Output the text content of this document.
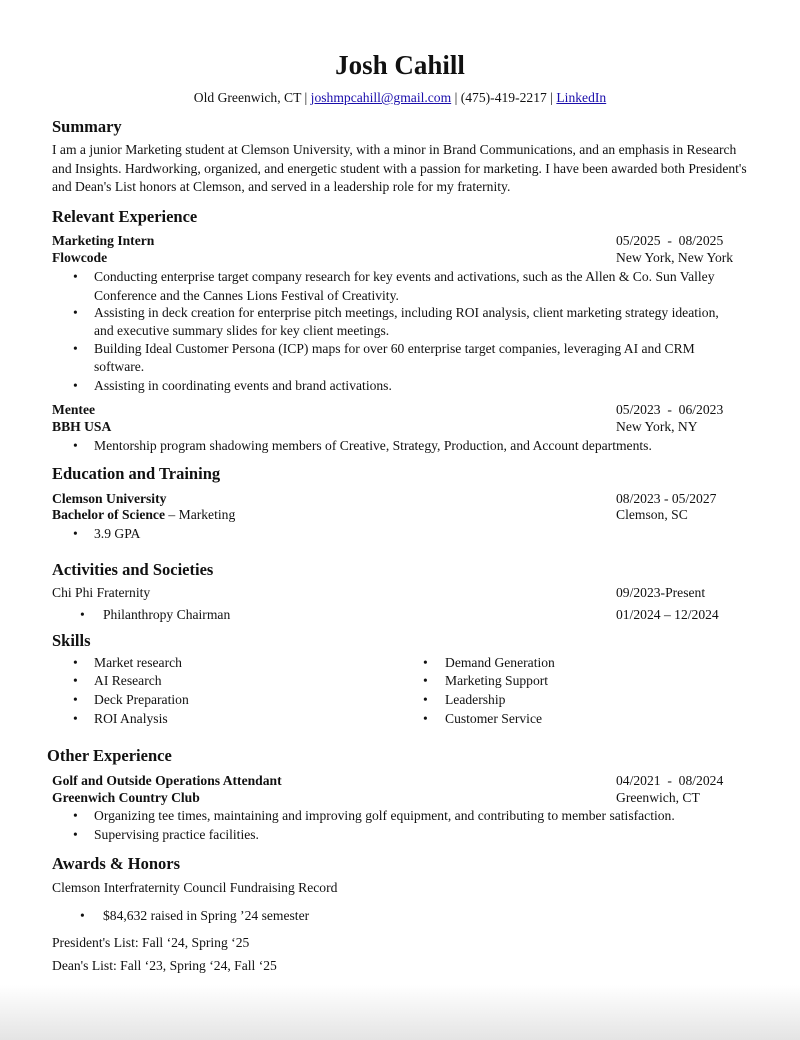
Josh Cahill
Old Greenwich, CT | joshmpcahill@gmail.com | (475)-419-2217 | LinkedIn
Summary
I am a junior Marketing student at Clemson University, with a minor in Brand Communications, and an emphasis in Research and Insights. Hardworking, organized, and energetic student with a passion for marketing. I have been awarded both President's and Dean's List honors at Clemson, and served in a leadership role for my fraternity.
Relevant Experience
Marketing Intern	05/2025  -  08/2025
Flowcode	New York, New York
• Conducting enterprise target company research for key events and activations, such as the Allen & Co. Sun Valley
Conference and the Cannes Lions Festival of Creativity.
• Assisting in deck creation for enterprise pitch meetings, including ROI analysis, client marketing strategy ideation,
and executive summary slides for key client meetings.
• Building Ideal Customer Persona (ICP) maps for over 60 enterprise target companies, leveraging AI and CRM
software.
• Assisting in coordinating events and brand activations.
Mentee	05/2023  -  06/2023
BBH USA	New York, NY
• Mentorship program shadowing members of Creative, Strategy, Production, and Account departments.
Education and Training
Clemson University	08/2023 - 05/2027
Bachelor of Science – Marketing	Clemson, SC
• 3.9 GPA
Activities and Societies
Chi Phi Fraternity	09/2023-Present
• Philanthropy Chairman	01/2024 – 12/2024
Skills
• Market research
• AI Research
• Deck Preparation
• ROI Analysis
• Demand Generation
• Marketing Support
• Leadership
• Customer Service
Other Experience
Golf and Outside Operations Attendant	04/2021  -  08/2024
Greenwich Country Club	Greenwich, CT
• Organizing tee times, maintaining and improving golf equipment, and contributing to member satisfaction.
• Supervising practice facilities.
Awards & Honors
Clemson Interfraternity Council Fundraising Record
• $84,632 raised in Spring ’24 semester
President's List: Fall ‘24, Spring ‘25
Dean's List: Fall ‘23, Spring ‘24, Fall ‘25
